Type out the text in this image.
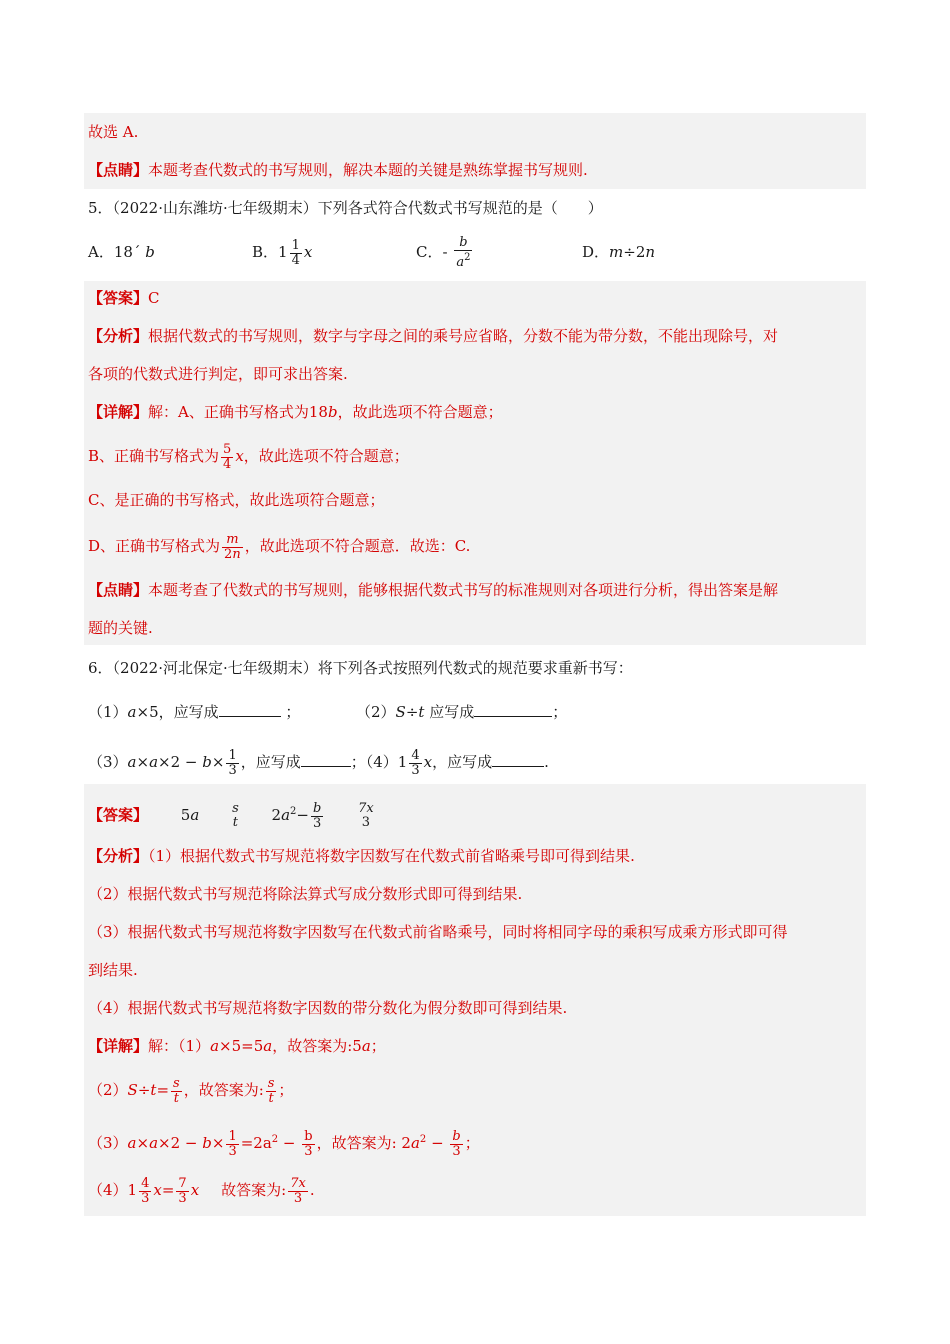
故选 A.
【点睛】本题考查代数式的书写规则，解决本题的关键是熟练掌握书写规则.
5．（2022·山东潍坊·七年级期末）下列各式符合代数式书写规范的是（　　）
A．18´ b	B．$1 \frac{1}{4}$ x	C．- $\frac{b}{a^2}$	D．m÷2n
【答案】C
【分析】根据代数式的书写规则，数字与字母之间的乘号应省略，分数不能为带分数，不能出现除号，对
各项的代数式进行判定，即可求出答案.
【详解】解：A、正确书写格式为18b，故此选项不符合题意；
B、正确书写格式为 $\frac{5}{4}$ x，故此选项不符合题意；
C、是正确的书写格式，故此选项符合题意；
D、正确书写格式为 $\frac{m}{2n}$ ，故此选项不符合题意．故选：C.
【点睛】本题考查了代数式的书写规则，能够根据代数式书写的标准规则对各项进行分析，得出答案是解
题的关键.
6．（2022·河北保定·七年级期末）将下列各式按照列代数式的规范要求重新书写：
（1）a×5，应写成	；	（2）S÷t 应写成	；
$(3)a\times a\times 2 - b\times \frac{1}{3}$ ，应写成	；$(4)1 \frac{4}{3}$ x，应写成	.
【答案】 5a	s
t $2a^2- \frac{b}{3}$
	7x
3
【分析】（1）根据代数式书写规范将数字因数写在代数式前省略乘号即可得到结果.
（2）根据代数式书写规范将除法算式写成分数形式即可得到结果.
（3）根据代数式书写规范将数字因数写在代数式前省略乘号，同时将相同字母的乘积写成乘方形式即可得
到结果.
（4）根据代数式书写规范将数字因数的带分数化为假分数即可得到结果.
【详解】解：（1）a×5=5a，故答案为:5a；
$(2)S\div t= \frac{s}{t}$ ，故答案为: $\frac{s}{t}$ ；
$(3)a\times a\times 2 - b\times \frac{1}{3} =2a^2 - \frac{b}{3}$ ，故答案为: $2a^2 - \frac{b}{3}$ ；
$(4)1 \frac{4}{3} x= \frac{7}{3}$ x 故答案为: $\frac{7x}{3}$ .
